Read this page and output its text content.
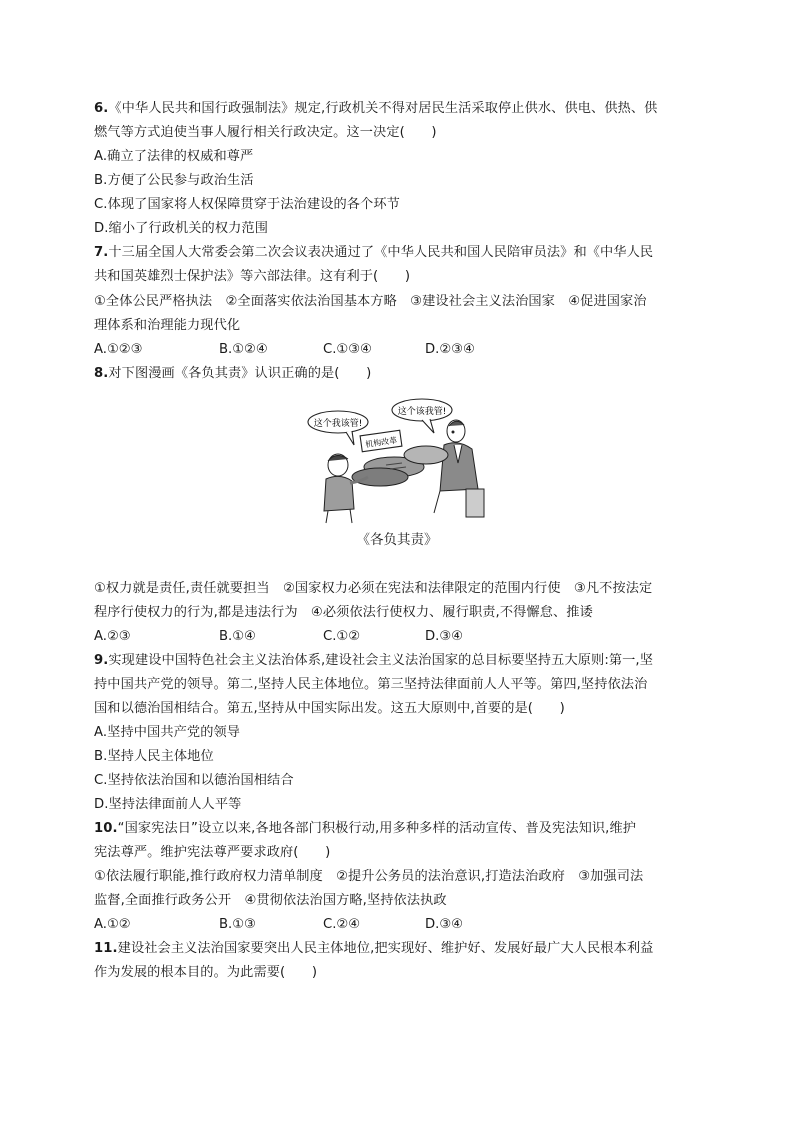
6.《中华人民共和国行政强制法》规定,行政机关不得对居民生活采取停止供水、供电、供热、供
燃气等方式迫使当事人履行相关行政决定。这一决定(　　)
A.确立了法律的权威和尊严
B.方便了公民参与政治生活
C.体现了国家将人权保障贯穿于法治建设的各个环节
D.缩小了行政机关的权力范围
7.十三届全国人大常委会第二次会议表决通过了《中华人民共和国人民陪审员法》和《中华人民
共和国英雄烈士保护法》等六部法律。这有利于(　　)
①全体公民严格执法　②全面落实依法治国基本方略　③建设社会主义法治国家　④促进国家治
理体系和治理能力现代化
A.①②③	B.①②④	C.①③④	D.②③④
8.对下图漫画《各负其责》认识正确的是(　　)
这个我该管!
这个该我管!
机构改革
《各负其责》
①权力就是责任,责任就要担当　②国家权力必须在宪法和法律限定的范围内行使　③凡不按法定
程序行使权力的行为,都是违法行为　④必须依法行使权力、履行职责,不得懈怠、推诿
A.②③	B.①④	C.①②	D.③④
9.实现建设中国特色社会主义法治体系,建设社会主义法治国家的总目标要坚持五大原则:第一,坚
持中国共产党的领导。第二,坚持人民主体地位。第三坚持法律面前人人平等。第四,坚持依法治
国和以德治国相结合。第五,坚持从中国实际出发。这五大原则中,首要的是(　　)
A.坚持中国共产党的领导
B.坚持人民主体地位
C.坚持依法治国和以德治国相结合
D.坚持法律面前人人平等
10.“国家宪法日”设立以来,各地各部门积极行动,用多种多样的活动宣传、普及宪法知识,维护
宪法尊严。维护宪法尊严要求政府(　　)
①依法履行职能,推行政府权力清单制度　②提升公务员的法治意识,打造法治政府　③加强司法
监督,全面推行政务公开　④贯彻依法治国方略,坚持依法执政
A.①②	B.①③	C.②④	D.③④
11.建设社会主义法治国家要突出人民主体地位,把实现好、维护好、发展好最广大人民根本利益
作为发展的根本目的。为此需要(　　)
